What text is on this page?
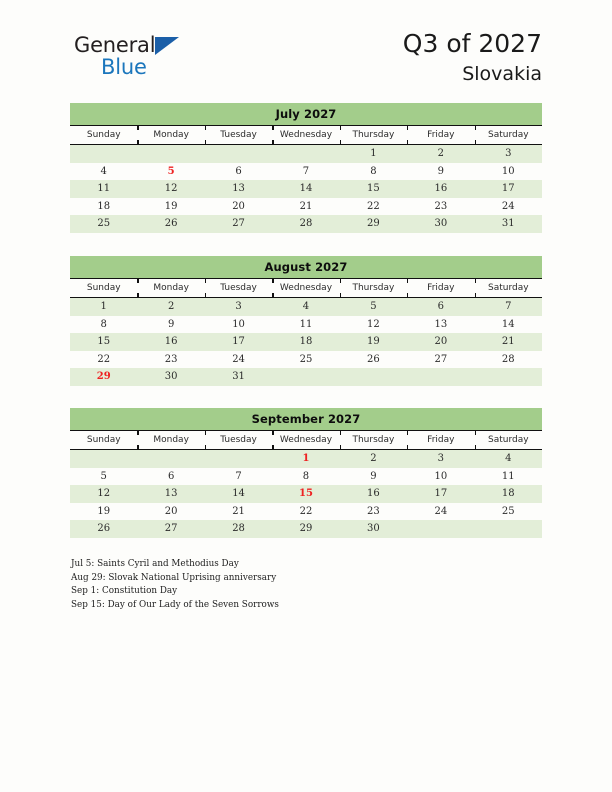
General
Blue
Q3 of 2027
Slovakia
July 2027
Sunday	Monday	Tuesday	Wednesday	Thursday	Friday	Saturday
				1	2	3
4	5	6	7	8	9	10
11	12	13	14	15	16	17
18	19	20	21	22	23	24
25	26	27	28	29	30	31
August 2027
Sunday	Monday	Tuesday	Wednesday	Thursday	Friday	Saturday
1	2	3	4	5	6	7
8	9	10	11	12	13	14
15	16	17	18	19	20	21
22	23	24	25	26	27	28
29	30	31				
September 2027
Sunday	Monday	Tuesday	Wednesday	Thursday	Friday	Saturday
			1	2	3	4
5	6	7	8	9	10	11
12	13	14	15	16	17	18
19	20	21	22	23	24	25
26	27	28	29	30		
Jul 5: Saints Cyril and Methodius Day
Aug 29: Slovak National Uprising anniversary
Sep 1: Constitution Day
Sep 15: Day of Our Lady of the Seven Sorrows
